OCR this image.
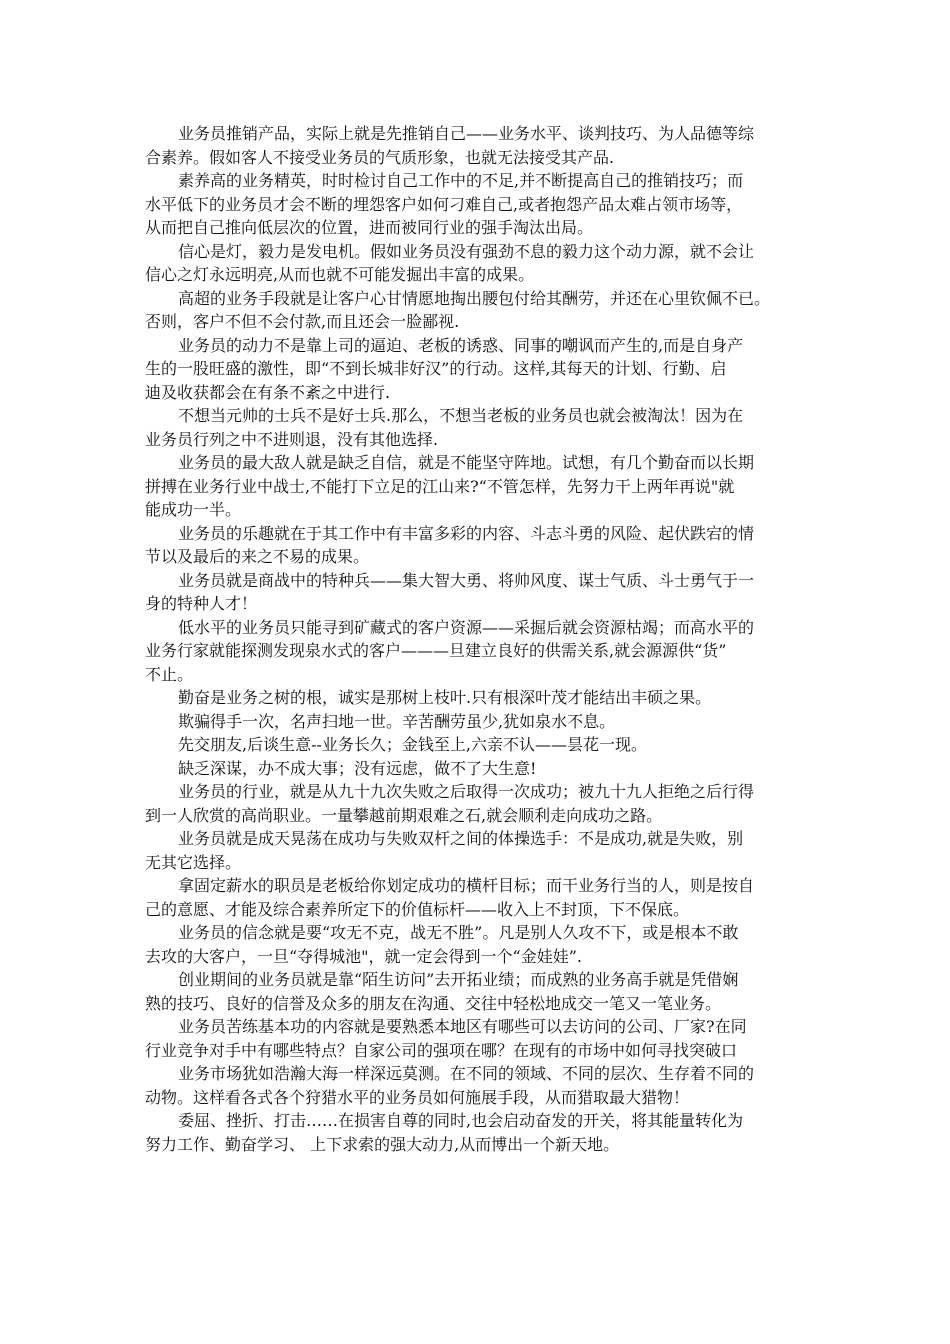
业务员推销产品，实际上就是先推销自己——业务水平、谈判技巧、为人品德等综
合素养。假如客人不接受业务员的气质形象，也就无法接受其产品.
素养高的业务精英，时时检讨自己工作中的不足,并不断提高自己的推销技巧；而
水平低下的业务员才会不断的埋怨客户如何刁难自己,或者抱怨产品太难占领市场等，
从而把自己推向低层次的位置，进而被同行业的强手淘汰出局。
信心是灯，毅力是发电机。假如业务员没有强劲不息的毅力这个动力源，就不会让
信心之灯永远明亮,从而也就不可能发掘出丰富的成果。
高超的业务手段就是让客户心甘情愿地掏出腰包付给其酬劳，并还在心里钦佩不已。
否则，客户不但不会付款,而且还会一脸鄙视.
业务员的动力不是靠上司的逼迫、老板的诱惑、同事的嘲讽而产生的,而是自身产
生的一股旺盛的激性，即“不到长城非好汉”的行动。这样,其每天的计划、行勤、启
迪及收获都会在有条不紊之中进行.
不想当元帅的士兵不是好士兵.那么，不想当老板的业务员也就会被淘汰！因为在
业务员行列之中不进则退，没有其他选择.
业务员的最大敌人就是缺乏自信，就是不能坚守阵地。试想，有几个勤奋而以长期
拼搏在业务行业中战士,不能打下立足的江山来?“不管怎样，先努力干上两年再说"就
能成功一半。
业务员的乐趣就在于其工作中有丰富多彩的内容、斗志斗勇的风险、起伏跌宕的情
节以及最后的来之不易的成果。
业务员就是商战中的特种兵——集大智大勇、将帅风度、谋士气质、斗士勇气于一
身的特种人才！
低水平的业务员只能寻到矿藏式的客户资源——采掘后就会资源枯竭；而高水平的
业务行家就能探测发现泉水式的客户———旦建立良好的供需关系,就会源源供“货”
不止。
勤奋是业务之树的根，诚实是那树上枝叶.只有根深叶茂才能结出丰硕之果。
欺骗得手一次，名声扫地一世。辛苦酬劳虽少,犹如泉水不息。
先交朋友,后谈生意--业务长久；金钱至上,六亲不认——昙花一现。
缺乏深谋，办不成大事；没有远虑，做不了大生意!
业务员的行业，就是从九十九次失败之后取得一次成功；被九十九人拒绝之后行得
到一人欣赏的高尚职业。一量攀越前期艰难之石,就会顺利走向成功之路。
业务员就是成天晃荡在成功与失败双杆之间的体操选手：不是成功,就是失败，别
无其它选择。
拿固定薪水的职员是老板给你划定成功的横杆目标；而干业务行当的人，则是按自
己的意愿、才能及综合素养所定下的价值标杆——收入上不封顶，下不保底。
业务员的信念就是要“攻无不克，战无不胜”。凡是别人久攻不下，或是根本不敢
去攻的大客户，一旦“夺得城池"，就一定会得到一个“金娃娃”.
创业期间的业务员就是靠“陌生访问”去开拓业绩；而成熟的业务高手就是凭借娴
熟的技巧、良好的信誉及众多的朋友在沟通、交往中轻松地成交一笔又一笔业务。
业务员苦练基本功的内容就是要熟悉本地区有哪些可以去访问的公司、厂家?在同
行业竞争对手中有哪些特点？自家公司的强项在哪？在现有的市场中如何寻找突破口
业务市场犹如浩瀚大海一样深远莫测。在不同的领域、不同的层次、生存着不同的
动物。这样看各式各个狩猎水平的业务员如何施展手段，从而猎取最大猎物！
委屈、挫折、打击……在损害自尊的同时,也会启动奋发的开关，将其能量转化为
努力工作、勤奋学习、 上下求索的强大动力,从而博出一个新天地。
